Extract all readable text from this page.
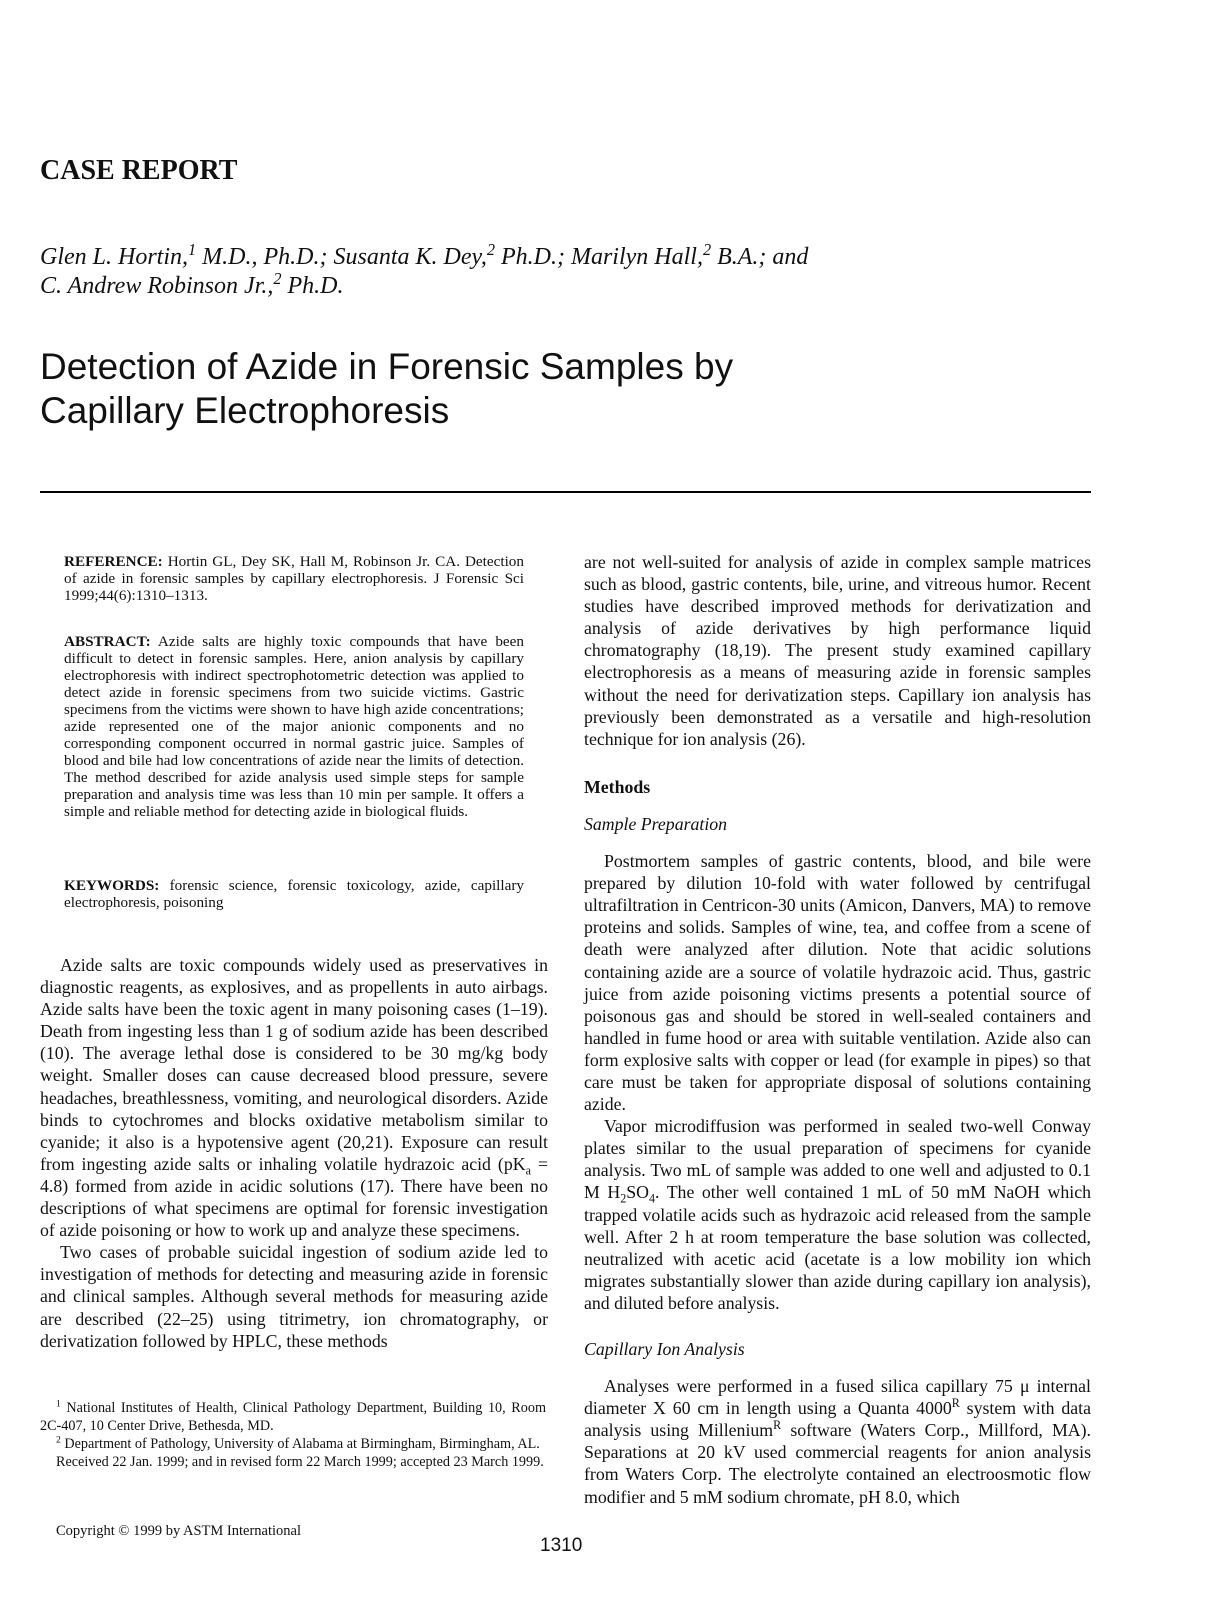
CASE REPORT

Glen L. Hortin,$^1$ M.D., Ph.D.; Susanta K. Dey,$^2$ Ph.D.; Marilyn Hall,$^2$ B.A.; and
C. Andrew Robinson Jr.,$^2$ Ph.D.

Detection of Azide in Forensic Samples by
Capillary Electrophoresis

REFERENCE: Hortin GL, Dey SK, Hall M, Robinson Jr. CA. Detection of azide in forensic samples by capillary electrophoresis. J Forensic Sci 1999;44(6):1310–1313.

ABSTRACT: Azide salts are highly toxic compounds that have been difficult to detect in forensic samples. Here, anion analysis by capillary electrophoresis with indirect spectrophotometric detection was applied to detect azide in forensic specimens from two suicide victims. Gastric specimens from the victims were shown to have high azide concentrations; azide represented one of the major anionic components and no corresponding component occurred in normal gastric juice. Samples of blood and bile had low concentrations of azide near the limits of detection. The method described for azide analysis used simple steps for sample preparation and analysis time was less than 10 min per sample. It offers a simple and reliable method for detecting azide in biological fluids.

KEYWORDS: forensic science, forensic toxicology, azide, capillary electrophoresis, poisoning

Azide salts are toxic compounds widely used as preservatives in diagnostic reagents, as explosives, and as propellents in auto airbags. Azide salts have been the toxic agent in many poisoning cases (1–19). Death from ingesting less than 1 g of sodium azide has been described (10). The average lethal dose is considered to be 30 mg/kg body weight. Smaller doses can cause decreased blood pressure, severe headaches, breathlessness, vomiting, and neurological disorders. Azide binds to cytochromes and blocks oxidative metabolism similar to cyanide; it also is a hypotensive agent (20,21). Exposure can result from ingesting azide salts or inhaling volatile hydrazoic acid $(pK_a = 4.8)$ formed from azide in acidic solutions (17). There have been no descriptions of what specimens are optimal for forensic investigation of azide poisoning or how to work up and analyze these specimens.

Two cases of probable suicidal ingestion of sodium azide led to investigation of methods for detecting and measuring azide in forensic and clinical samples. Although several methods for measuring azide are described (22–25) using titrimetry, ion chromatography, or derivatization followed by HPLC, these methods

are not well-suited for analysis of azide in complex sample matrices such as blood, gastric contents, bile, urine, and vitreous humor. Recent studies have described improved methods for derivatization and analysis of azide derivatives by high performance liquid chromatography (18,19). The present study examined capillary electrophoresis as a means of measuring azide in forensic samples without the need for derivatization steps. Capillary ion analysis has previously been demonstrated as a versatile and high-resolution technique for ion analysis (26).

Methods
Sample Preparation

Postmortem samples of gastric contents, blood, and bile were prepared by dilution 10-fold with water followed by centrifugal ultrafiltration in Centricon-30 units (Amicon, Danvers, MA) to remove proteins and solids. Samples of wine, tea, and coffee from a scene of death were analyzed after dilution. Note that acidic solutions containing azide are a source of volatile hydrazoic acid. Thus, gastric juice from azide poisoning victims presents a potential source of poisonous gas and should be stored in well-sealed containers and handled in fume hood or area with suitable ventilation. Azide also can form explosive salts with copper or lead (for example in pipes) so that care must be taken for appropriate disposal of solutions containing azide.

Vapor microdiffusion was performed in sealed two-well Conway plates similar to the usual preparation of specimens for cyanide analysis. Two mL of sample was added to one well and adjusted to 0.1 M $H_2SO_4$. The other well contained 1 mL of 50 mM NaOH which trapped volatile acids such as hydrazoic acid released from the sample well. After 2 h at room temperature the base solution was collected, neutralized with acetic acid (acetate is a low mobility ion which migrates substantially slower than azide during capillary ion analysis), and diluted before analysis.

Capillary Ion Analysis

Analyses were performed in a fused silica capillary 75 μ internal diameter X 60 cm in length using a Quanta $4000^R$ system with data analysis using Millenium$^R$ software (Waters Corp., Millford, MA). Separations at 20 kV used commercial reagents for anion analysis from Waters Corp. The electrolyte contained an electroosmotic flow modifier and 5 mM sodium chromate, pH 8.0, which

$^1$ National Institutes of Health, Clinical Pathology Department, Building 10, Room 2C-407, 10 Center Drive, Bethesda, MD.

$^2$ Department of Pathology, University of Alabama at Birmingham, Birmingham, AL.

Received 22 Jan. 1999; and in revised form 22 March 1999; accepted 23 March 1999.

Copyright © 1999 by ASTM International
1310
